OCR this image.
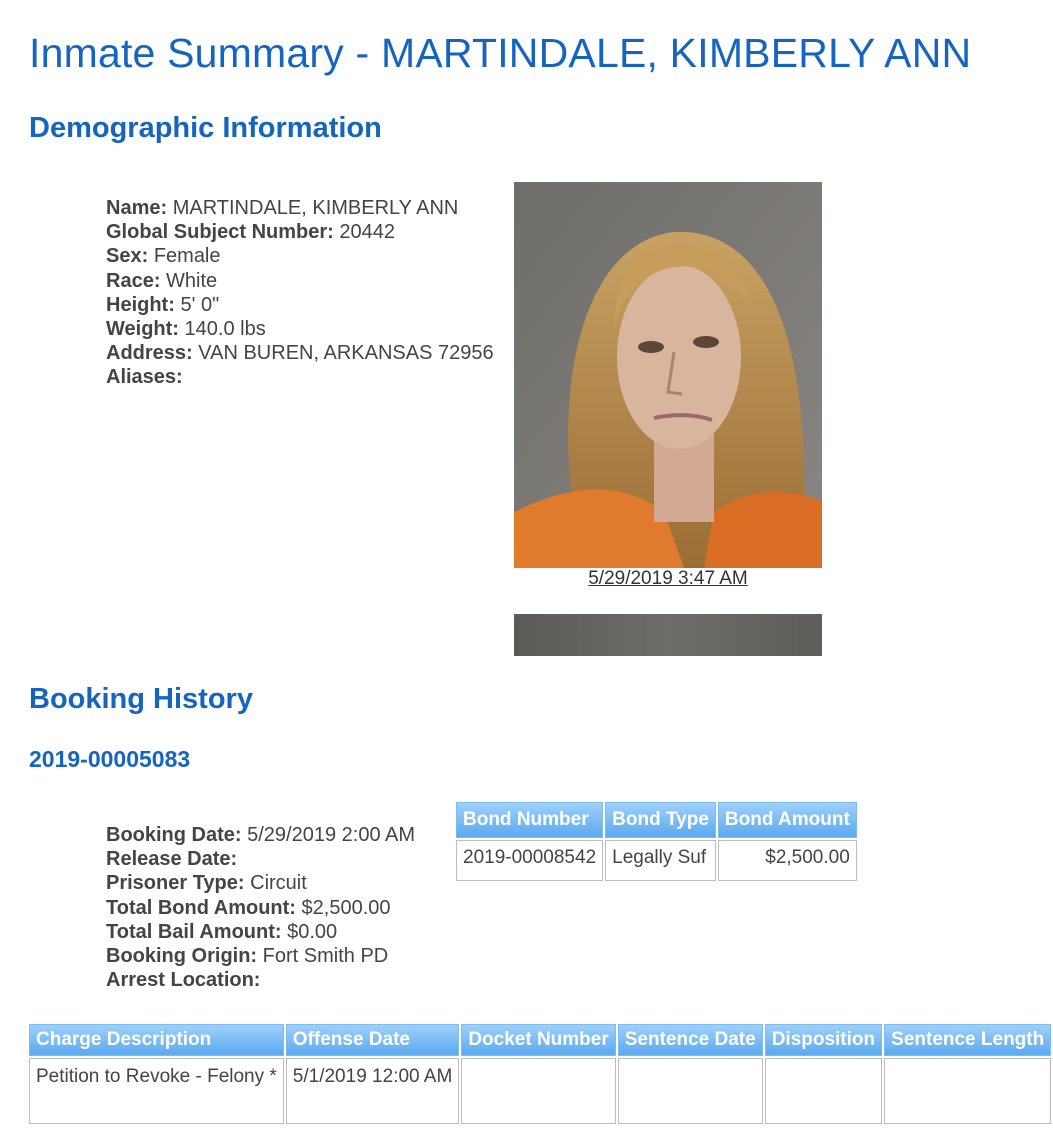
Inmate Summary - MARTINDALE, KIMBERLY ANN
Demographic Information
Name: MARTINDALE, KIMBERLY ANN
Global Subject Number: 20442
Sex: Female
Race: White
Height: 5' 0"
Weight: 140.0 lbs
Address: VAN BUREN, ARKANSAS 72956
Aliases:
5/29/2019 3:47 AM
Booking History
2019-00005083
Booking Date: 5/29/2019 2:00 AM
Release Date:
Prisoner Type: Circuit
Total Bond Amount: $2,500.00
Total Bail Amount: $0.00
Booking Origin: Fort Smith PD
Arrest Location:
Bond Number	Bond Type	Bond Amount
2019-00008542	Legally Suf	$2,500.00
Charge Description	Offense Date	Docket Number	Sentence Date	Disposition	Sentence Length
Petition to Revoke - Felony *	5/1/2019 12:00 AM				
